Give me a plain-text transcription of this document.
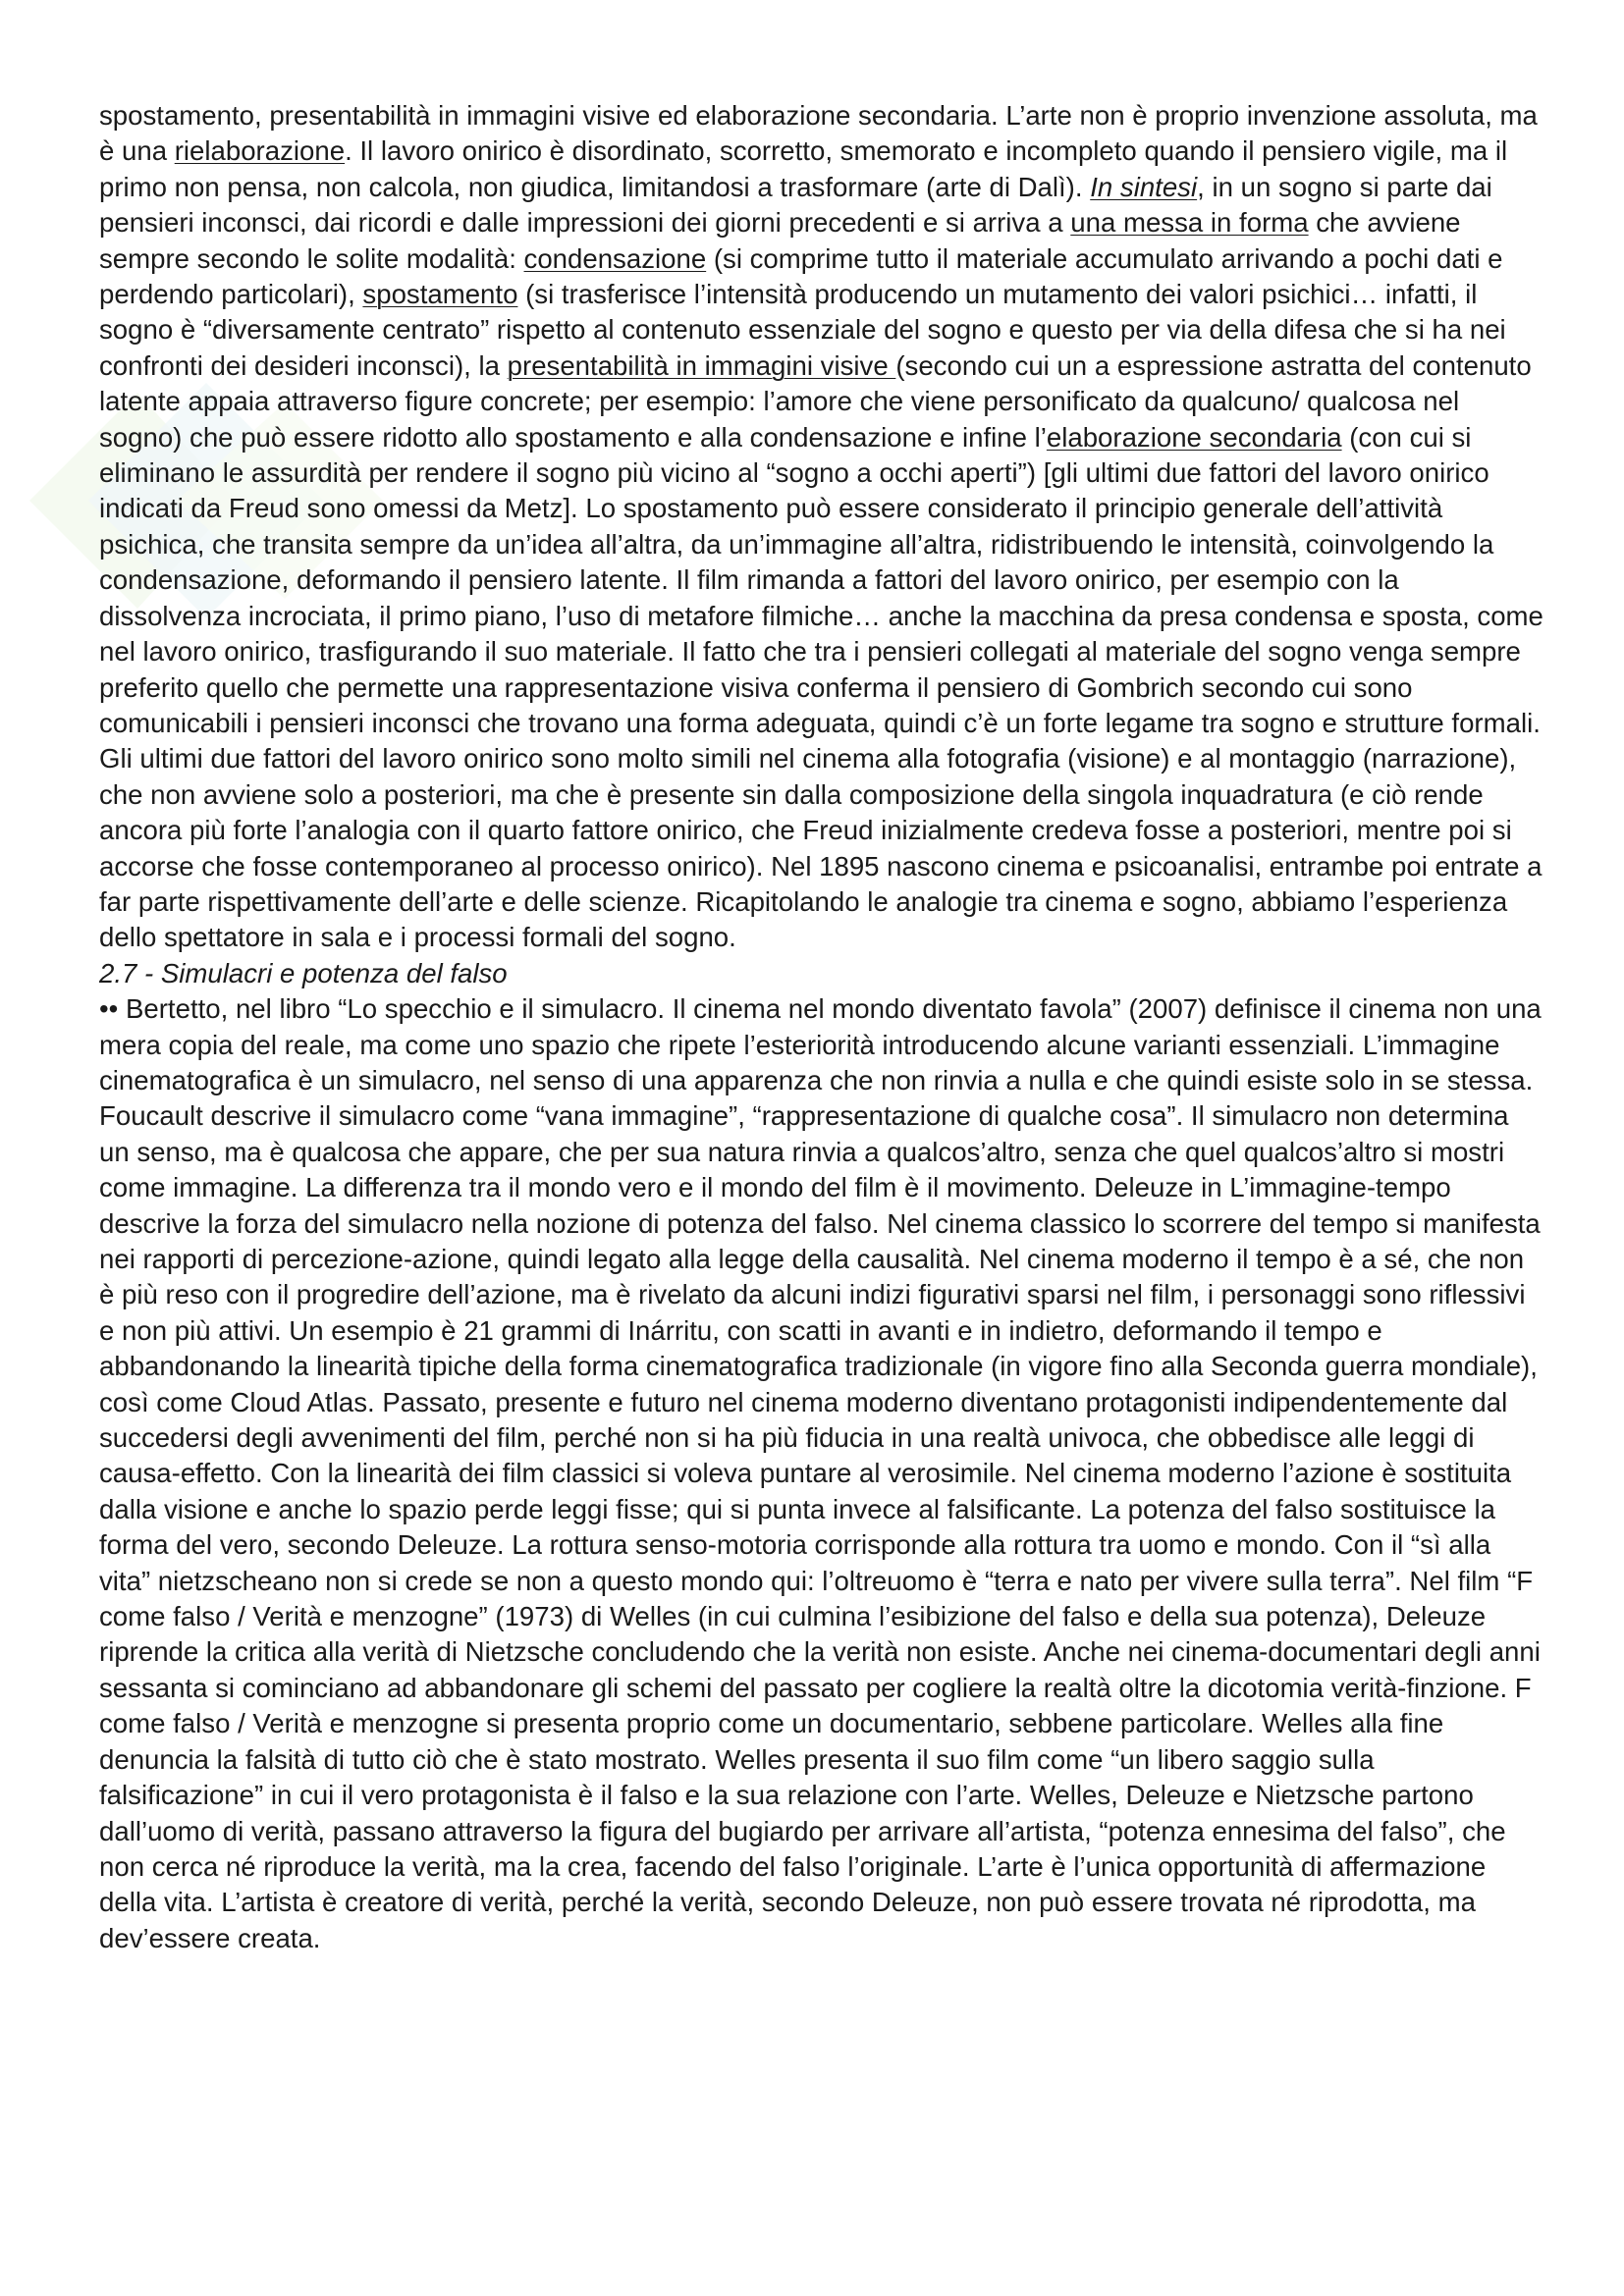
spostamento, presentabilità in immagini visive ed elaborazione secondaria. L’arte non è proprio invenzione assoluta, ma è una rielaborazione. Il lavoro onirico è disordinato, scorretto, smemorato e incompleto quando il pensiero vigile, ma il primo non pensa, non calcola, non giudica, limitandosi a trasformare (arte di Dalì). In sintesi, in un sogno si parte dai pensieri inconsci, dai ricordi e dalle impressioni dei giorni precedenti e si arriva a una messa in forma che avviene sempre secondo le solite modalità: condensazione (si comprime tutto il materiale accumulato arrivando a pochi dati e perdendo particolari), spostamento (si trasferisce l’intensità producendo un mutamento dei valori psichici… infatti, il sogno è “diversamente centrato” rispetto al contenuto essenziale del sogno e questo per via della difesa che si ha nei confronti dei desideri inconsci), la presentabilità in immagini visive (secondo cui un a espressione astratta del contenuto latente appaia attraverso figure concrete; per esempio: l’amore che viene personificato da qualcuno/ qualcosa nel sogno) che può essere ridotto allo spostamento e alla condensazione e infine l’elaborazione secondaria (con cui si eliminano le assurdità per rendere il sogno più vicino al “sogno a occhi aperti”) [gli ultimi due fattori del lavoro onirico indicati da Freud sono omessi da Metz]. Lo spostamento può essere considerato il principio generale dell’attività psichica, che transita sempre da un’idea all’altra, da un’immagine all’altra, ridistribuendo le intensità, coinvolgendo la condensazione, deformando il pensiero latente. Il film rimanda a fattori del lavoro onirico, per esempio con la dissolvenza incrociata, il primo piano, l’uso di metafore filmiche… anche la macchina da presa condensa e sposta, come nel lavoro onirico, trasfigurando il suo materiale. Il fatto che tra i pensieri collegati al materiale del sogno venga sempre preferito quello che permette una rappresentazione visiva conferma il pensiero di Gombrich secondo cui sono comunicabili i pensieri inconsci che trovano una forma adeguata, quindi c’è un forte legame tra sogno e strutture formali. Gli ultimi due fattori del lavoro onirico sono molto simili nel cinema alla fotografia (visione) e al montaggio (narrazione), che non avviene solo a posteriori, ma che è presente sin dalla composizione della singola inquadratura (e ciò rende ancora più forte l’analogia con il quarto fattore onirico, che Freud inizialmente credeva fosse a posteriori, mentre poi si accorse che fosse contemporaneo al processo onirico). Nel 1895 nascono cinema e psicoanalisi, entrambe poi entrate a far parte rispettivamente dell’arte e delle scienze. Ricapitolando le analogie tra cinema e sogno, abbiamo l’esperienza dello spettatore in sala e i processi formali del sogno.

2.7 - Simulacri e potenza del falso

•• Bertetto, nel libro “Lo specchio e il simulacro. Il cinema nel mondo diventato favola” (2007) definisce il cinema non una mera copia del reale, ma come uno spazio che ripete l’esteriorità introducendo alcune varianti essenziali. L’immagine cinematografica è un simulacro, nel senso di una apparenza che non rinvia a nulla e che quindi esiste solo in se stessa. Foucault descrive il simulacro come “vana immagine”, “rappresentazione di qualche cosa”. Il simulacro non determina un senso, ma è qualcosa che appare, che per sua natura rinvia a qualcos’altro, senza che quel qualcos’altro si mostri come immagine. La differenza tra il mondo vero e il mondo del film è il movimento. Deleuze in L’immagine-tempo descrive la forza del simulacro nella nozione di potenza del falso. Nel cinema classico lo scorrere del tempo si manifesta nei rapporti di percezione-azione, quindi legato alla legge della causalità. Nel cinema moderno il tempo è a sé, che non è più reso con il progredire dell’azione, ma è rivelato da alcuni indizi figurativi sparsi nel film, i personaggi sono riflessivi e non più attivi. Un esempio è 21 grammi di Inárritu, con scatti in avanti e in indietro, deformando il tempo e abbandonando la linearità tipiche della forma cinematografica tradizionale (in vigore fino alla Seconda guerra mondiale), così come Cloud Atlas. Passato, presente e futuro nel cinema moderno diventano protagonisti indipendentemente dal succedersi degli avvenimenti del film, perché non si ha più fiducia in una realtà univoca, che obbedisce alle leggi di causa-effetto. Con la linearità dei film classici si voleva puntare al verosimile. Nel cinema moderno l’azione è sostituita dalla visione e anche lo spazio perde leggi fisse; qui si punta invece al falsificante. La potenza del falso sostituisce la forma del vero, secondo Deleuze. La rottura senso-motoria corrisponde alla rottura tra uomo e mondo. Con il “sì alla vita” nietzscheano non si crede se non a questo mondo qui: l’oltreuomo è “terra e nato per vivere sulla terra”. Nel film “F come falso / Verità e menzogne” (1973) di Welles (in cui culmina l’esibizione del falso e della sua potenza), Deleuze riprende la critica alla verità di Nietzsche concludendo che la verità non esiste. Anche nei cinema-documentari degli anni sessanta si cominciano ad abbandonare gli schemi del passato per cogliere la realtà oltre la dicotomia verità-finzione. F come falso / Verità e menzogne si presenta proprio come un documentario, sebbene particolare. Welles alla fine denuncia la falsità di tutto ciò che è stato mostrato. Welles presenta il suo film come “un libero saggio sulla falsificazione” in cui il vero protagonista è il falso e la sua relazione con l’arte. Welles, Deleuze e Nietzsche partono dall’uomo di verità, passano attraverso la figura del bugiardo per arrivare all’artista, “potenza ennesima del falso”, che non cerca né riproduce la verità, ma la crea, facendo del falso l’originale. L’arte è l’unica opportunità di affermazione della vita. L’artista è creatore di verità, perché la verità, secondo Deleuze, non può essere trovata né riprodotta, ma dev’essere creata.
